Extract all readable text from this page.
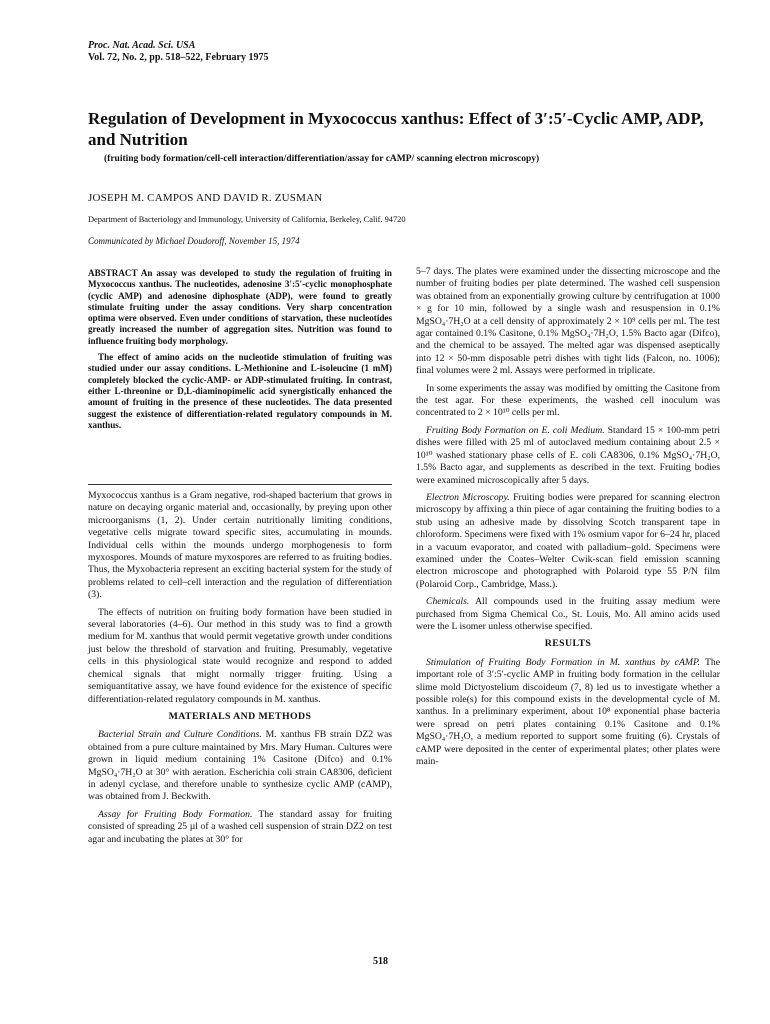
Proc. Nat. Acad. Sci. USA
Vol. 72, No. 2, pp. 518–522, February 1975
Regulation of Development in Myxococcus xanthus: Effect of 3′:5′-Cyclic AMP, ADP, and Nutrition
(fruiting body formation/cell-cell interaction/differentiation/assay for cAMP/ scanning electron microscopy)
JOSEPH M. CAMPOS AND DAVID R. ZUSMAN
Department of Bacteriology and Immunology, University of California, Berkeley, Calif. 94720
Communicated by Michael Doudoroff, November 15, 1974

ABSTRACT An assay was developed to study the regulation of fruiting in Myxococcus xanthus. The nucleotides, adenosine 3′:5′-cyclic monophosphate (cyclic AMP) and adenosine diphosphate (ADP), were found to greatly stimulate fruiting under the assay conditions. Very sharp concentration optima were observed. Even under conditions of starvation, these nucleotides greatly increased the number of aggregation sites. Nutrition was found to influence fruiting body morphology.

The effect of amino acids on the nucleotide stimulation of fruiting was studied under our assay conditions. L-Methionine and L-isoleucine (1 mM) completely blocked the cyclic-AMP- or ADP-stimulated fruiting. In contrast, either L-threonine or D,L-diaminopimelic acid synergistically enhanced the amount of fruiting in the presence of these nucleotides. The data presented suggest the existence of differentiation-related regulatory compounds in M. xanthus.

Myxococcus xanthus is a Gram negative, rod-shaped bacterium that grows in nature on decaying organic material and, occasionally, by preying upon other microorganisms (1, 2). Under certain nutritionally limiting conditions, vegetative cells migrate toward specific sites, accumulating in mounds. Individual cells within the mounds undergo morphogenesis to form myxospores. Mounds of mature myxospores are referred to as fruiting bodies. Thus, the Myxobacteria represent an exciting bacterial system for the study of problems related to cell–cell interaction and the regulation of differentiation (3).

The effects of nutrition on fruiting body formation have been studied in several laboratories (4–6). Our method in this study was to find a growth medium for M. xanthus that would permit vegetative growth under conditions just below the threshold of starvation and fruiting. Presumably, vegetative cells in this physiological state would recognize and respond to added chemical signals that might normally trigger fruiting. Using a semiquantitative assay, we have found evidence for the existence of specific differentiation-related regulatory compounds in M. xanthus.

MATERIALS AND METHODS

Bacterial Strain and Culture Conditions. M. xanthus FB strain DZ2 was obtained from a pure culture maintained by Mrs. Mary Human. Cultures were grown in liquid medium containing 1% Casitone (Difco) and 0.1% MgSO₄·7H₂O at 30° with aeration. Escherichia coli strain CA8306, deficient in adenyl cyclase, and therefore unable to synthesize cyclic AMP (cAMP), was obtained from J. Beckwith.

Assay for Fruiting Body Formation. The standard assay for fruiting consisted of spreading 25 µl of a washed cell suspension of strain DZ2 on test agar and incubating the plates at 30° for

5–7 days. The plates were examined under the dissecting microscope and the number of fruiting bodies per plate determined. The washed cell suspension was obtained from an exponentially growing culture by centrifugation at 1000 × g for 10 min, followed by a single wash and resuspension in 0.1% MgSO₄·7H₂O at a cell density of approximately 2 × 10⁹ cells per ml. The test agar contained 0.1% Casitone, 0.1% MgSO₄·7H₂O, 1.5% Bacto agar (Difco), and the chemical to be assayed. The melted agar was dispensed aseptically into 12 × 50-mm disposable petri dishes with tight lids (Falcon, no. 1006); final volumes were 2 ml. Assays were performed in triplicate.

In some experiments the assay was modified by omitting the Casitone from the test agar. For these experiments, the washed cell inoculum was concentrated to 2 × 10¹⁰ cells per ml.

Fruiting Body Formation on E. coli Medium. Standard 15 × 100-mm petri dishes were filled with 25 ml of autoclaved medium containing about 2.5 × 10¹⁰ washed stationary phase cells of E. coli CA8306, 0.1% MgSO₄·7H₂O, 1.5% Bacto agar, and supplements as described in the text. Fruiting bodies were examined microscopically after 5 days.

Electron Microscopy. Fruiting bodies were prepared for scanning electron microscopy by affixing a thin piece of agar containing the fruiting bodies to a stub using an adhesive made by dissolving Scotch transparent tape in chloroform. Specimens were fixed with 1% osmium vapor for 6–24 hr, placed in a vacuum evaporator, and coated with palladium–gold. Specimens were examined under the Coates–Welter Cwik-scan field emission scanning electron microscope and photographed with Polaroid type 55 P/N film (Polaroid Corp., Cambridge, Mass.).

Chemicals. All compounds used in the fruiting assay medium were purchased from Sigma Chemical Co., St. Louis, Mo. All amino acids used were the L isomer unless otherwise specified.

RESULTS

Stimulation of Fruiting Body Formation in M. xanthus by cAMP. The important role of 3′:5′-cyclic AMP in fruiting body formation in the cellular slime mold Dictyostelium discoideum (7, 8) led us to investigate whether a possible role(s) for this compound exists in the developmental cycle of M. xanthus. In a preliminary experiment, about 10⁸ exponential phase bacteria were spread on petri plates containing 0.1% Casitone and 0.1% MgSO₄·7H₂O, a medium reported to support some fruiting (6). Crystals of cAMP were deposited in the center of experimental plates; other plates were main-

518
